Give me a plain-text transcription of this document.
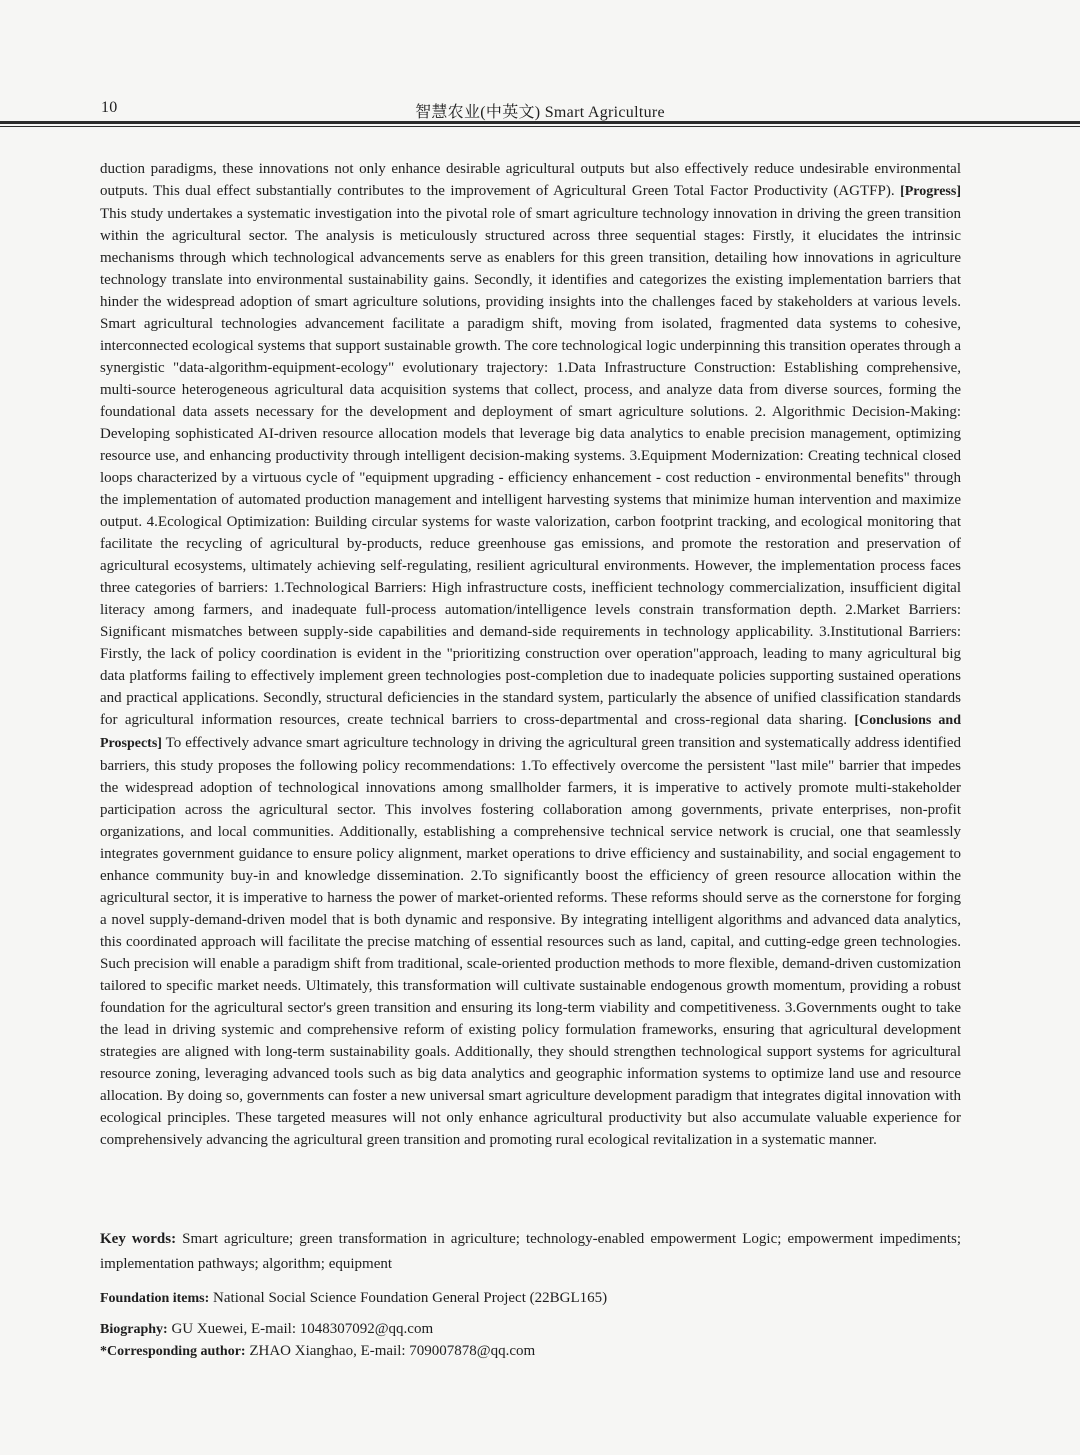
10	智慧农业(中英文) Smart Agriculture
duction paradigms, these innovations not only enhance desirable agricultural outputs but also effectively reduce undesirable environmental outputs. This dual effect substantially contributes to the improvement of Agricultural Green Total Factor Productivity (AGTFP). [Progress] This study undertakes a systematic investigation into the pivotal role of smart agriculture technology innovation in driving the green transition within the agricultural sector. The analysis is meticulously structured across three sequential stages: Firstly, it elucidates the intrinsic mechanisms through which technological advancements serve as enablers for this green transition, detailing how innovations in agriculture technology translate into environmental sustainability gains. Secondly, it identifies and categorizes the existing implementation barriers that hinder the widespread adoption of smart agriculture solutions, providing insights into the challenges faced by stakeholders at various levels. Smart agricultural technologies advancement facilitate a paradigm shift, moving from isolated, fragmented data systems to cohesive, interconnected ecological systems that support sustainable growth. The core technological logic underpinning this transition operates through a synergistic "data-algorithm-equipment-ecology" evolutionary trajectory: 1.Data Infrastructure Construction: Establishing comprehensive, multi-source heterogeneous agricultural data acquisition systems that collect, process, and analyze data from diverse sources, forming the foundational data assets necessary for the development and deployment of smart agriculture solutions. 2. Algorithmic Decision-Making: Developing sophisticated AI-driven resource allocation models that leverage big data analytics to enable precision management, optimizing resource use, and enhancing productivity through intelligent decision-making systems. 3.Equipment Modernization: Creating technical closed loops characterized by a virtuous cycle of "equipment upgrading - efficiency enhancement - cost reduction - environmental benefits" through the implementation of automated production management and intelligent harvesting systems that minimize human intervention and maximize output. 4.Ecological Optimization: Building circular systems for waste valorization, carbon footprint tracking, and ecological monitoring that facilitate the recycling of agricultural by-products, reduce greenhouse gas emissions, and promote the restoration and preservation of agricultural ecosystems, ultimately achieving self-regulating, resilient agricultural environments. However, the implementation process faces three categories of barriers: 1.Technological Barriers: High infrastructure costs, inefficient technology commercialization, insufficient digital literacy among farmers, and inadequate full-process automation/intelligence levels constrain transformation depth. 2.Market Barriers: Significant mismatches between supply-side capabilities and demand-side requirements in technology applicability. 3.Institutional Barriers: Firstly, the lack of policy coordination is evident in the "prioritizing construction over operation"approach, leading to many agricultural big data platforms failing to effectively implement green technologies post-completion due to inadequate policies supporting sustained operations and practical applications. Secondly, structural deficiencies in the standard system, particularly the absence of unified classification standards for agricultural information resources, create technical barriers to cross-departmental and cross-regional data sharing. [Conclusions and Prospects] To effectively advance smart agriculture technology in driving the agricultural green transition and systematically address identified barriers, this study proposes the following policy recommendations: 1.To effectively overcome the persistent "last mile" barrier that impedes the widespread adoption of technological innovations among smallholder farmers, it is imperative to actively promote multi-stakeholder participation across the agricultural sector. This involves fostering collaboration among governments, private enterprises, non-profit organizations, and local communities. Additionally, establishing a comprehensive technical service network is crucial, one that seamlessly integrates government guidance to ensure policy alignment, market operations to drive efficiency and sustainability, and social engagement to enhance community buy-in and knowledge dissemination. 2.To significantly boost the efficiency of green resource allocation within the agricultural sector, it is imperative to harness the power of market-oriented reforms. These reforms should serve as the cornerstone for forging a novel supply-demand-driven model that is both dynamic and responsive. By integrating intelligent algorithms and advanced data analytics, this coordinated approach will facilitate the precise matching of essential resources such as land, capital, and cutting-edge green technologies. Such precision will enable a paradigm shift from traditional, scale-oriented production methods to more flexible, demand-driven customization tailored to specific market needs. Ultimately, this transformation will cultivate sustainable endogenous growth momentum, providing a robust foundation for the agricultural sector's green transition and ensuring its long-term viability and competitiveness. 3.Governments ought to take the lead in driving systemic and comprehensive reform of existing policy formulation frameworks, ensuring that agricultural development strategies are aligned with long-term sustainability goals. Additionally, they should strengthen technological support systems for agricultural resource zoning, leveraging advanced tools such as big data analytics and geographic information systems to optimize land use and resource allocation. By doing so, governments can foster a new universal smart agriculture development paradigm that integrates digital innovation with ecological principles. These targeted measures will not only enhance agricultural productivity but also accumulate valuable experience for comprehensively advancing the agricultural green transition and promoting rural ecological revitalization in a systematic manner.
Key words: Smart agriculture; green transformation in agriculture; technology-enabled empowerment Logic; empowerment impediments; implementation pathways; algorithm; equipment
Foundation items: National Social Science Foundation General Project (22BGL165)
Biography: GU Xuewei, E-mail: 1048307092@qq.com
*Corresponding author: ZHAO Xianghao, E-mail: 709007878@qq.com
